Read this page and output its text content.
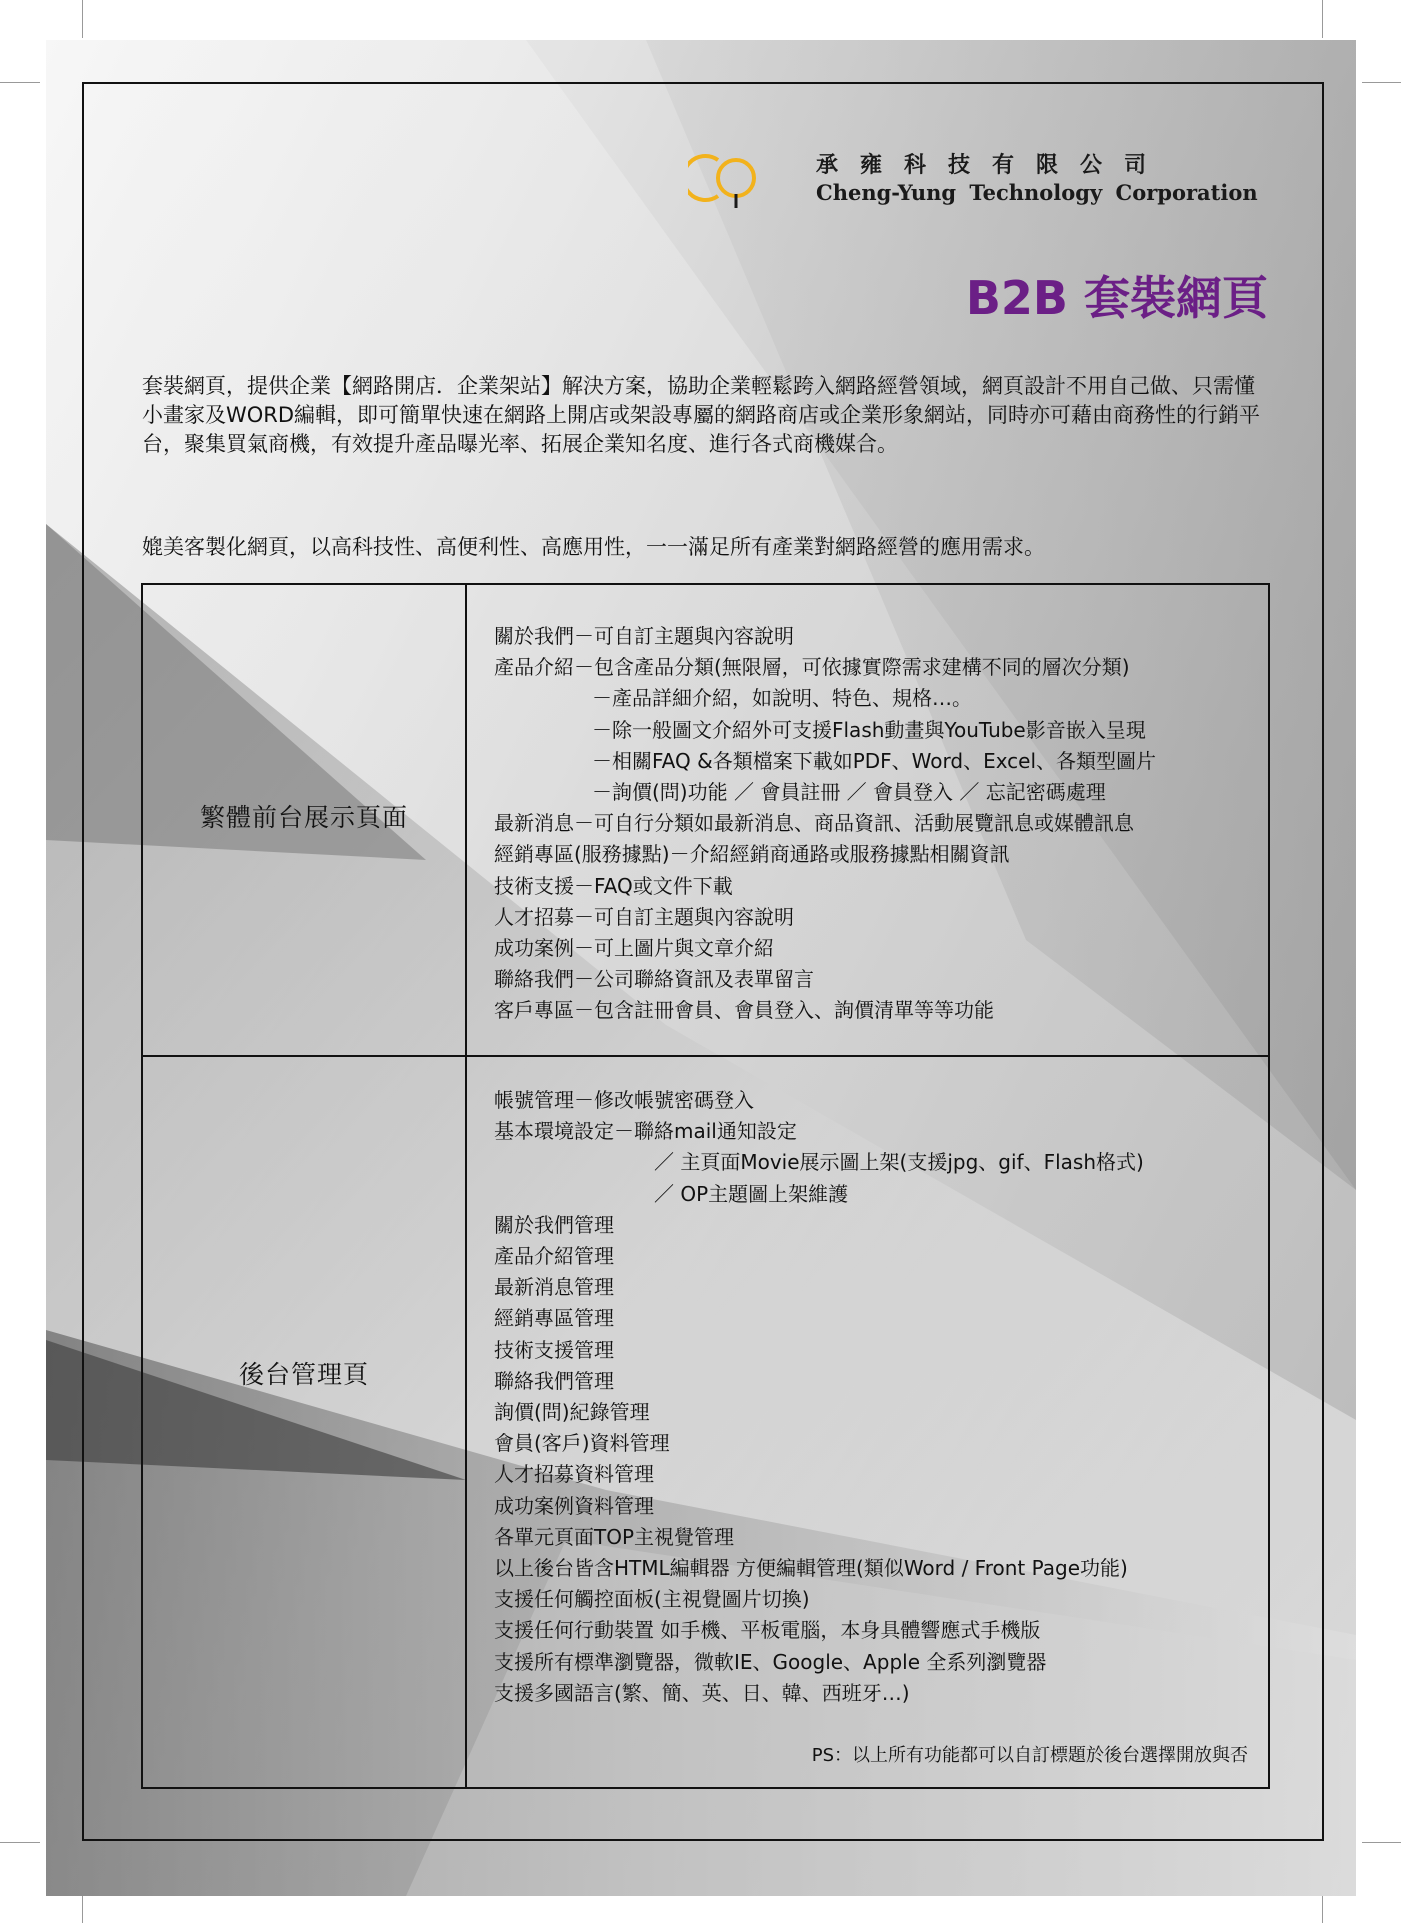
承雍科技有限公司
Cheng-Yung Technology Corporation
B2B 套裝網頁
套裝網頁，提供企業【網路開店．企業架站】解決方案，協助企業輕鬆跨入網路經營領域，網頁設計不用自己做、只需懂小畫家及WORD編輯，即可簡單快速在網路上開店或架設專屬的網路商店或企業形象網站，同時亦可藉由商務性的行銷平台，聚集買氣商機，有效提升產品曝光率、拓展企業知名度、進行各式商機媒合。
媲美客製化網頁，以高科技性、高便利性、高應用性，一一滿足所有產業對網路經營的應用需求。
繁體前台展示頁面
關於我們－可自訂主題與內容說明
產品介紹－包含產品分類(無限層，可依據實際需求建構不同的層次分類)
－產品詳細介紹，如說明、特色、規格…。
－除一般圖文介紹外可支援Flash動畫與YouTube影音嵌入呈現
－相關FAQ &各類檔案下載如PDF、Word、Excel、各類型圖片
－詢價(問)功能 ／ 會員註冊 ／ 會員登入 ／ 忘記密碼處理
最新消息－可自行分類如最新消息、商品資訊、活動展覽訊息或媒體訊息
經銷專區(服務據點)－介紹經銷商通路或服務據點相關資訊
技術支援－FAQ或文件下載
人才招募－可自訂主題與內容說明
成功案例－可上圖片與文章介紹
聯絡我們－公司聯絡資訊及表單留言
客戶專區－包含註冊會員、會員登入、詢價清單等等功能
後台管理頁
帳號管理－修改帳號密碼登入
基本環境設定－聯絡mail通知設定
／ 主頁面Movie展示圖上架(支援jpg、gif、Flash格式)
／ OP主題圖上架維護
關於我們管理
產品介紹管理
最新消息管理
經銷專區管理
技術支援管理
聯絡我們管理
詢價(問)紀錄管理
會員(客戶)資料管理
人才招募資料管理
成功案例資料管理
各單元頁面TOP主視覺管理
以上後台皆含HTML編輯器 方便編輯管理(類似Word / Front Page功能)
支援任何觸控面板(主視覺圖片切換)
支援任何行動裝置 如手機、平板電腦，本身具體響應式手機版
支援所有標準瀏覽器，微軟IE、Google、Apple 全系列瀏覽器
支援多國語言(繁、簡、英、日、韓、西班牙…)
PS：以上所有功能都可以自訂標題於後台選擇開放與否
